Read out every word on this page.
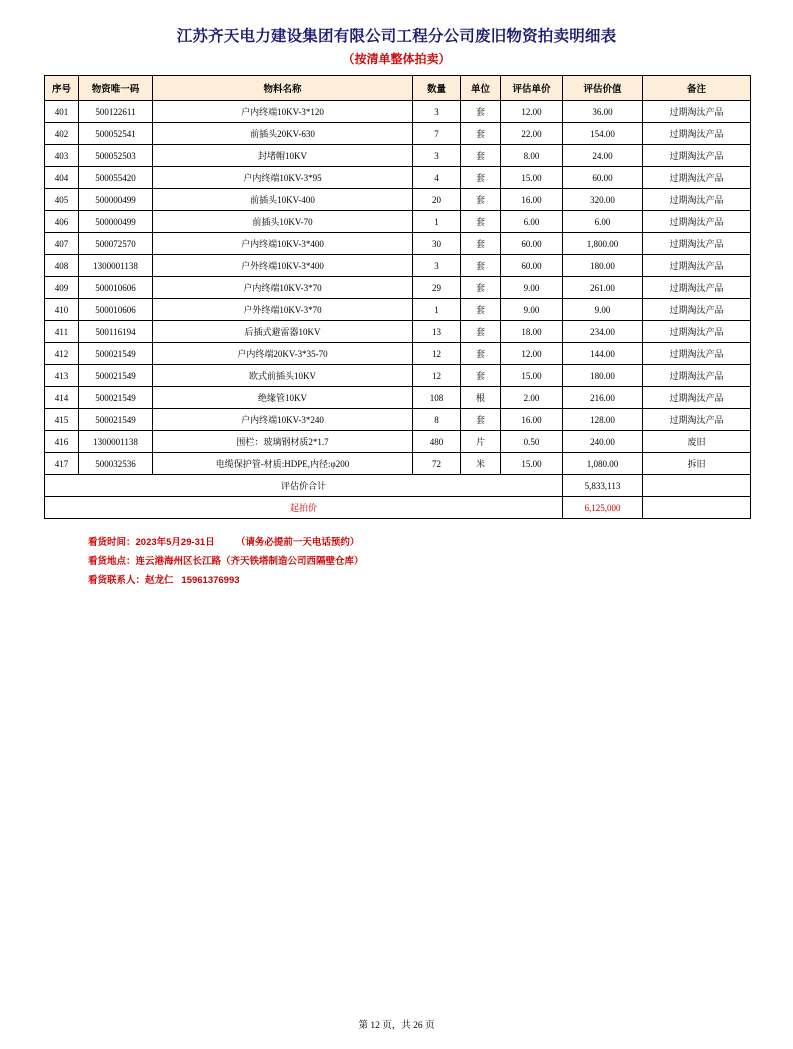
江苏齐天电力建设集团有限公司工程分公司废旧物资拍卖明细表
（按清单整体拍卖）
序号	物资唯一码	物料名称	数量	单位	评估单价	评估价值	备注
401	500122611	户内终端10KV-3*120	3	套	12.00	36.00	过期淘汰产品
402	500052541	前插头20KV-630	7	套	22.00	154.00	过期淘汰产品
403	500052503	封堵帽10KV	3	套	8.00	24.00	过期淘汰产品
404	500055420	户内终端10KV-3*95	4	套	15.00	60.00	过期淘汰产品
405	500000499	前插头10KV-400	20	套	16.00	320.00	过期淘汰产品
406	500000499	前插头10KV-70	1	套	6.00	6.00	过期淘汰产品
407	500072570	户内终端10KV-3*400	30	套	60.00	1,800.00	过期淘汰产品
408	1300001138	户外终端10KV-3*400	3	套	60.00	180.00	过期淘汰产品
409	500010606	户内终端10KV-3*70	29	套	9.00	261.00	过期淘汰产品
410	500010606	户外终端10KV-3*70	1	套	9.00	9.00	过期淘汰产品
411	500116194	后插式避雷器10KV	13	套	18.00	234.00	过期淘汰产品
412	500021549	户内终端20KV-3*35-70	12	套	12.00	144.00	过期淘汰产品
413	500021549	欧式前插头10KV	12	套	15.00	180.00	过期淘汰产品
414	500021549	绝缘管10KV	108	根	2.00	216.00	过期淘汰产品
415	500021549	户内终端10KV-3*240	8	套	16.00	128.00	过期淘汰产品
416	1300001138	围栏：玻璃钢材质2*1.7	480	片	0.50	240.00	废旧
417	500032536	电缆保护管-材质:HDPE,内径:φ200	72	米	15.00	1,080.00	拆旧
评估价合计						5,833,113	
起拍价						6,125,000	
看货时间：2023年5月29-31日        （请务必提前一天电话预约）
看货地点：连云港海州区长江路（齐天铁塔制造公司西隔壁仓库）
看货联系人：赵龙仁   15961376993
第 12 页，共 26 页
